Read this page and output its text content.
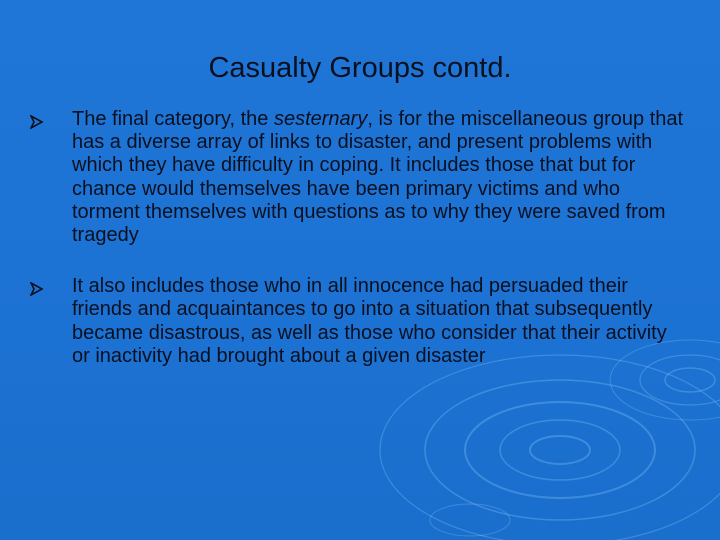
Casualty Groups contd.
The final category, the sesternary, is for the miscellaneous group that has a diverse array of links to disaster, and present problems with which they have difficulty in coping. It includes those that but for chance would themselves have been primary victims and who torment themselves with questions as to why they were saved from tragedy
It also includes those who in all innocence had persuaded their friends and acquaintances to go into a situation that subsequently became disastrous, as well as those who consider that their activity or inactivity had brought about a given disaster
